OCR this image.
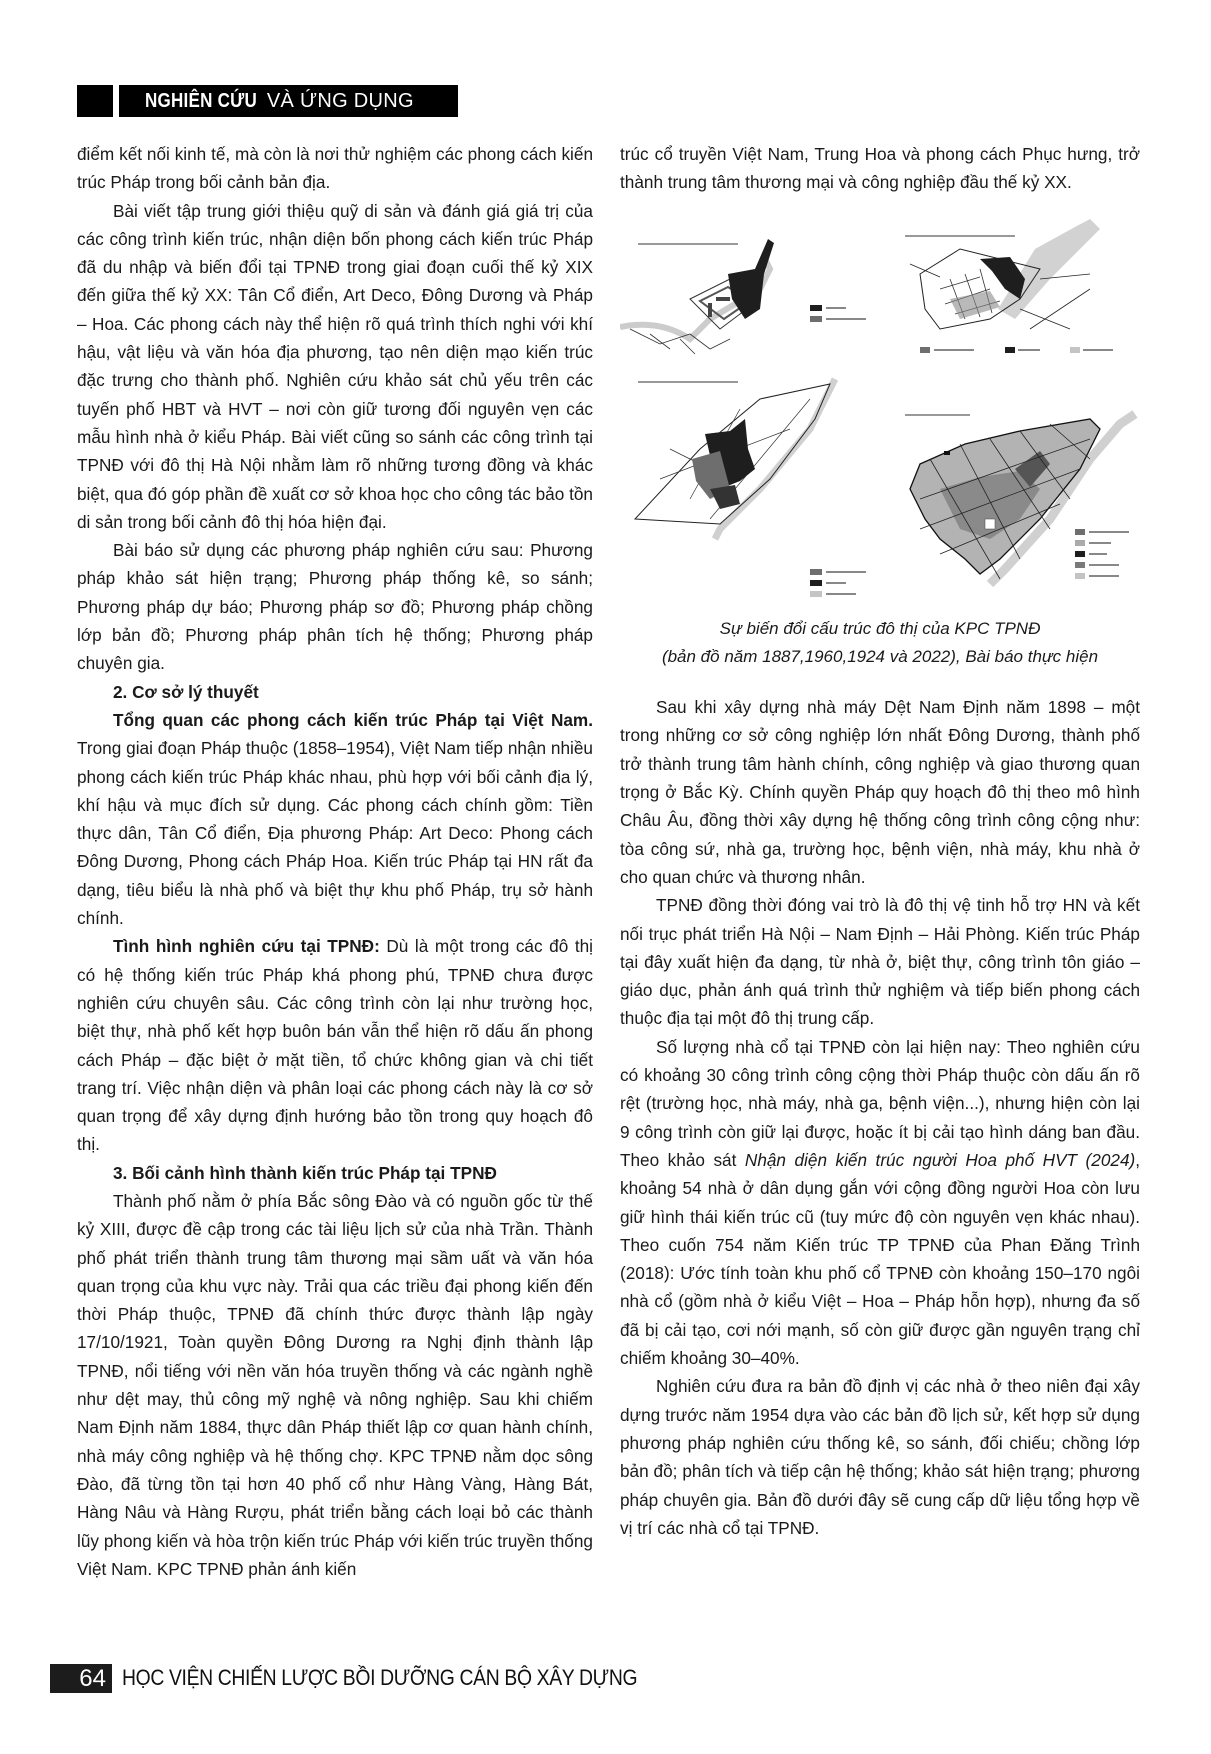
NGHIÊN CỨU VÀ ỨNG DỤNG

điểm kết nối kinh tế, mà còn là nơi thử nghiệm các phong cách kiến trúc Pháp trong bối cảnh bản địa.

Bài viết tập trung giới thiệu quỹ di sản và đánh giá giá trị của các công trình kiến trúc, nhận diện bốn phong cách kiến trúc Pháp đã du nhập và biến đổi tại TPNĐ trong giai đoạn cuối thế kỷ XIX đến giữa thế kỷ XX: Tân Cổ điển, Art Deco, Đông Dương và Pháp – Hoa. Các phong cách này thể hiện rõ quá trình thích nghi với khí hậu, vật liệu và văn hóa địa phương, tạo nên diện mạo kiến trúc đặc trưng cho thành phố. Nghiên cứu khảo sát chủ yếu trên các tuyến phố HBT và HVT – nơi còn giữ tương đối nguyên vẹn các mẫu hình nhà ở kiểu Pháp. Bài viết cũng so sánh các công trình tại TPNĐ với đô thị Hà Nội nhằm làm rõ những tương đồng và khác biệt, qua đó góp phần đề xuất cơ sở khoa học cho công tác bảo tồn di sản trong bối cảnh đô thị hóa hiện đại.

Bài báo sử dụng các phương pháp nghiên cứu sau: Phương pháp khảo sát hiện trạng; Phương pháp thống kê, so sánh; Phương pháp dự báo; Phương pháp sơ đồ; Phương pháp chồng lớp bản đồ; Phương pháp phân tích hệ thống; Phương pháp chuyên gia.

2. Cơ sở lý thuyết

Tổng quan các phong cách kiến trúc Pháp tại Việt Nam. Trong giai đoạn Pháp thuộc (1858–1954), Việt Nam tiếp nhận nhiều phong cách kiến trúc Pháp khác nhau, phù hợp với bối cảnh địa lý, khí hậu và mục đích sử dụng. Các phong cách chính gồm: Tiền thực dân, Tân Cổ điển, Địa phương Pháp: Art Deco: Phong cách Đông Dương, Phong cách Pháp Hoa. Kiến trúc Pháp tại HN rất đa dạng, tiêu biểu là nhà phố và biệt thự khu phố Pháp, trụ sở hành chính.

Tình hình nghiên cứu tại TPNĐ: Dù là một trong các đô thị có hệ thống kiến trúc Pháp khá phong phú, TPNĐ chưa được nghiên cứu chuyên sâu. Các công trình còn lại như trường học, biệt thự, nhà phố kết hợp buôn bán vẫn thể hiện rõ dấu ấn phong cách Pháp – đặc biệt ở mặt tiền, tổ chức không gian và chi tiết trang trí. Việc nhận diện và phân loại các phong cách này là cơ sở quan trọng để xây dựng định hướng bảo tồn trong quy hoạch đô thị.

3. Bối cảnh hình thành kiến trúc Pháp tại TPNĐ

Thành phố nằm ở phía Bắc sông Đào và có nguồn gốc từ thế kỷ XIII, được đề cập trong các tài liệu lịch sử của nhà Trần. Thành phố phát triển thành trung tâm thương mại sầm uất và văn hóa quan trọng của khu vực này. Trải qua các triều đại phong kiến đến thời Pháp thuộc, TPNĐ đã chính thức được thành lập ngày 17/10/1921, Toàn quyền Đông Dương ra Nghị định thành lập TPNĐ, nổi tiếng với nền văn hóa truyền thống và các ngành nghề như dệt may, thủ công mỹ nghệ và nông nghiệp. Sau khi chiếm Nam Định năm 1884, thực dân Pháp thiết lập cơ quan hành chính, nhà máy công nghiệp và hệ thống chợ. KPC TPNĐ nằm dọc sông Đào, đã từng tồn tại hơn 40 phố cổ như Hàng Vàng, Hàng Bát, Hàng Nâu và Hàng Rượu, phát triển bằng cách loại bỏ các thành lũy phong kiến và hòa trộn kiến trúc Pháp với kiến trúc truyền thống Việt Nam. KPC TPNĐ phản ánh kiến

trúc cổ truyền Việt Nam, Trung Hoa và phong cách Phục hưng, trở thành trung tâm thương mại và công nghiệp đầu thế kỷ XX.

Sự biến đổi cấu trúc đô thị của KPC TPNĐ
(bản đồ năm 1887,1960,1924 và 2022), Bài báo thực hiện

Sau khi xây dựng nhà máy Dệt Nam Định năm 1898 – một trong những cơ sở công nghiệp lớn nhất Đông Dương, thành phố trở thành trung tâm hành chính, công nghiệp và giao thương quan trọng ở Bắc Kỳ. Chính quyền Pháp quy hoạch đô thị theo mô hình Châu Âu, đồng thời xây dựng hệ thống công trình công cộng như: tòa công sứ, nhà ga, trường học, bệnh viện, nhà máy, khu nhà ở cho quan chức và thương nhân.

TPNĐ đồng thời đóng vai trò là đô thị vệ tinh hỗ trợ HN và kết nối trục phát triển Hà Nội – Nam Định – Hải Phòng. Kiến trúc Pháp tại đây xuất hiện đa dạng, từ nhà ở, biệt thự, công trình tôn giáo – giáo dục, phản ánh quá trình thử nghiệm và tiếp biến phong cách thuộc địa tại một đô thị trung cấp.

Số lượng nhà cổ tại TPNĐ còn lại hiện nay: Theo nghiên cứu có khoảng 30 công trình công cộng thời Pháp thuộc còn dấu ấn rõ rệt (trường học, nhà máy, nhà ga, bệnh viện...), nhưng hiện còn lại 9 công trình còn giữ lại được, hoặc ít bị cải tạo hình dáng ban đầu. Theo khảo sát Nhận diện kiến trúc người Hoa phố HVT (2024), khoảng 54 nhà ở dân dụng gắn với cộng đồng người Hoa còn lưu giữ hình thái kiến trúc cũ (tuy mức độ còn nguyên vẹn khác nhau). Theo cuốn 754 năm Kiến trúc TP TPNĐ của Phan Đăng Trình (2018): Ước tính toàn khu phố cổ TPNĐ còn khoảng 150–170 ngôi nhà cổ (gồm nhà ở kiểu Việt – Hoa – Pháp hỗn hợp), nhưng đa số đã bị cải tạo, cơi nới mạnh, số còn giữ được gần nguyên trạng chỉ chiếm khoảng 30–40%.

Nghiên cứu đưa ra bản đồ định vị các nhà ở theo niên đại xây dựng trước năm 1954 dựa vào các bản đồ lịch sử, kết hợp sử dụng phương pháp nghiên cứu thống kê, so sánh, đối chiếu; chồng lớp bản đồ; phân tích và tiếp cận hệ thống; khảo sát hiện trạng; phương pháp chuyên gia. Bản đồ dưới đây sẽ cung cấp dữ liệu tổng hợp về vị trí các nhà cổ tại TPNĐ.

64 HỌC VIỆN CHIẾN LƯỢC BỒI DƯỠNG CÁN BỘ XÂY DỰNG
